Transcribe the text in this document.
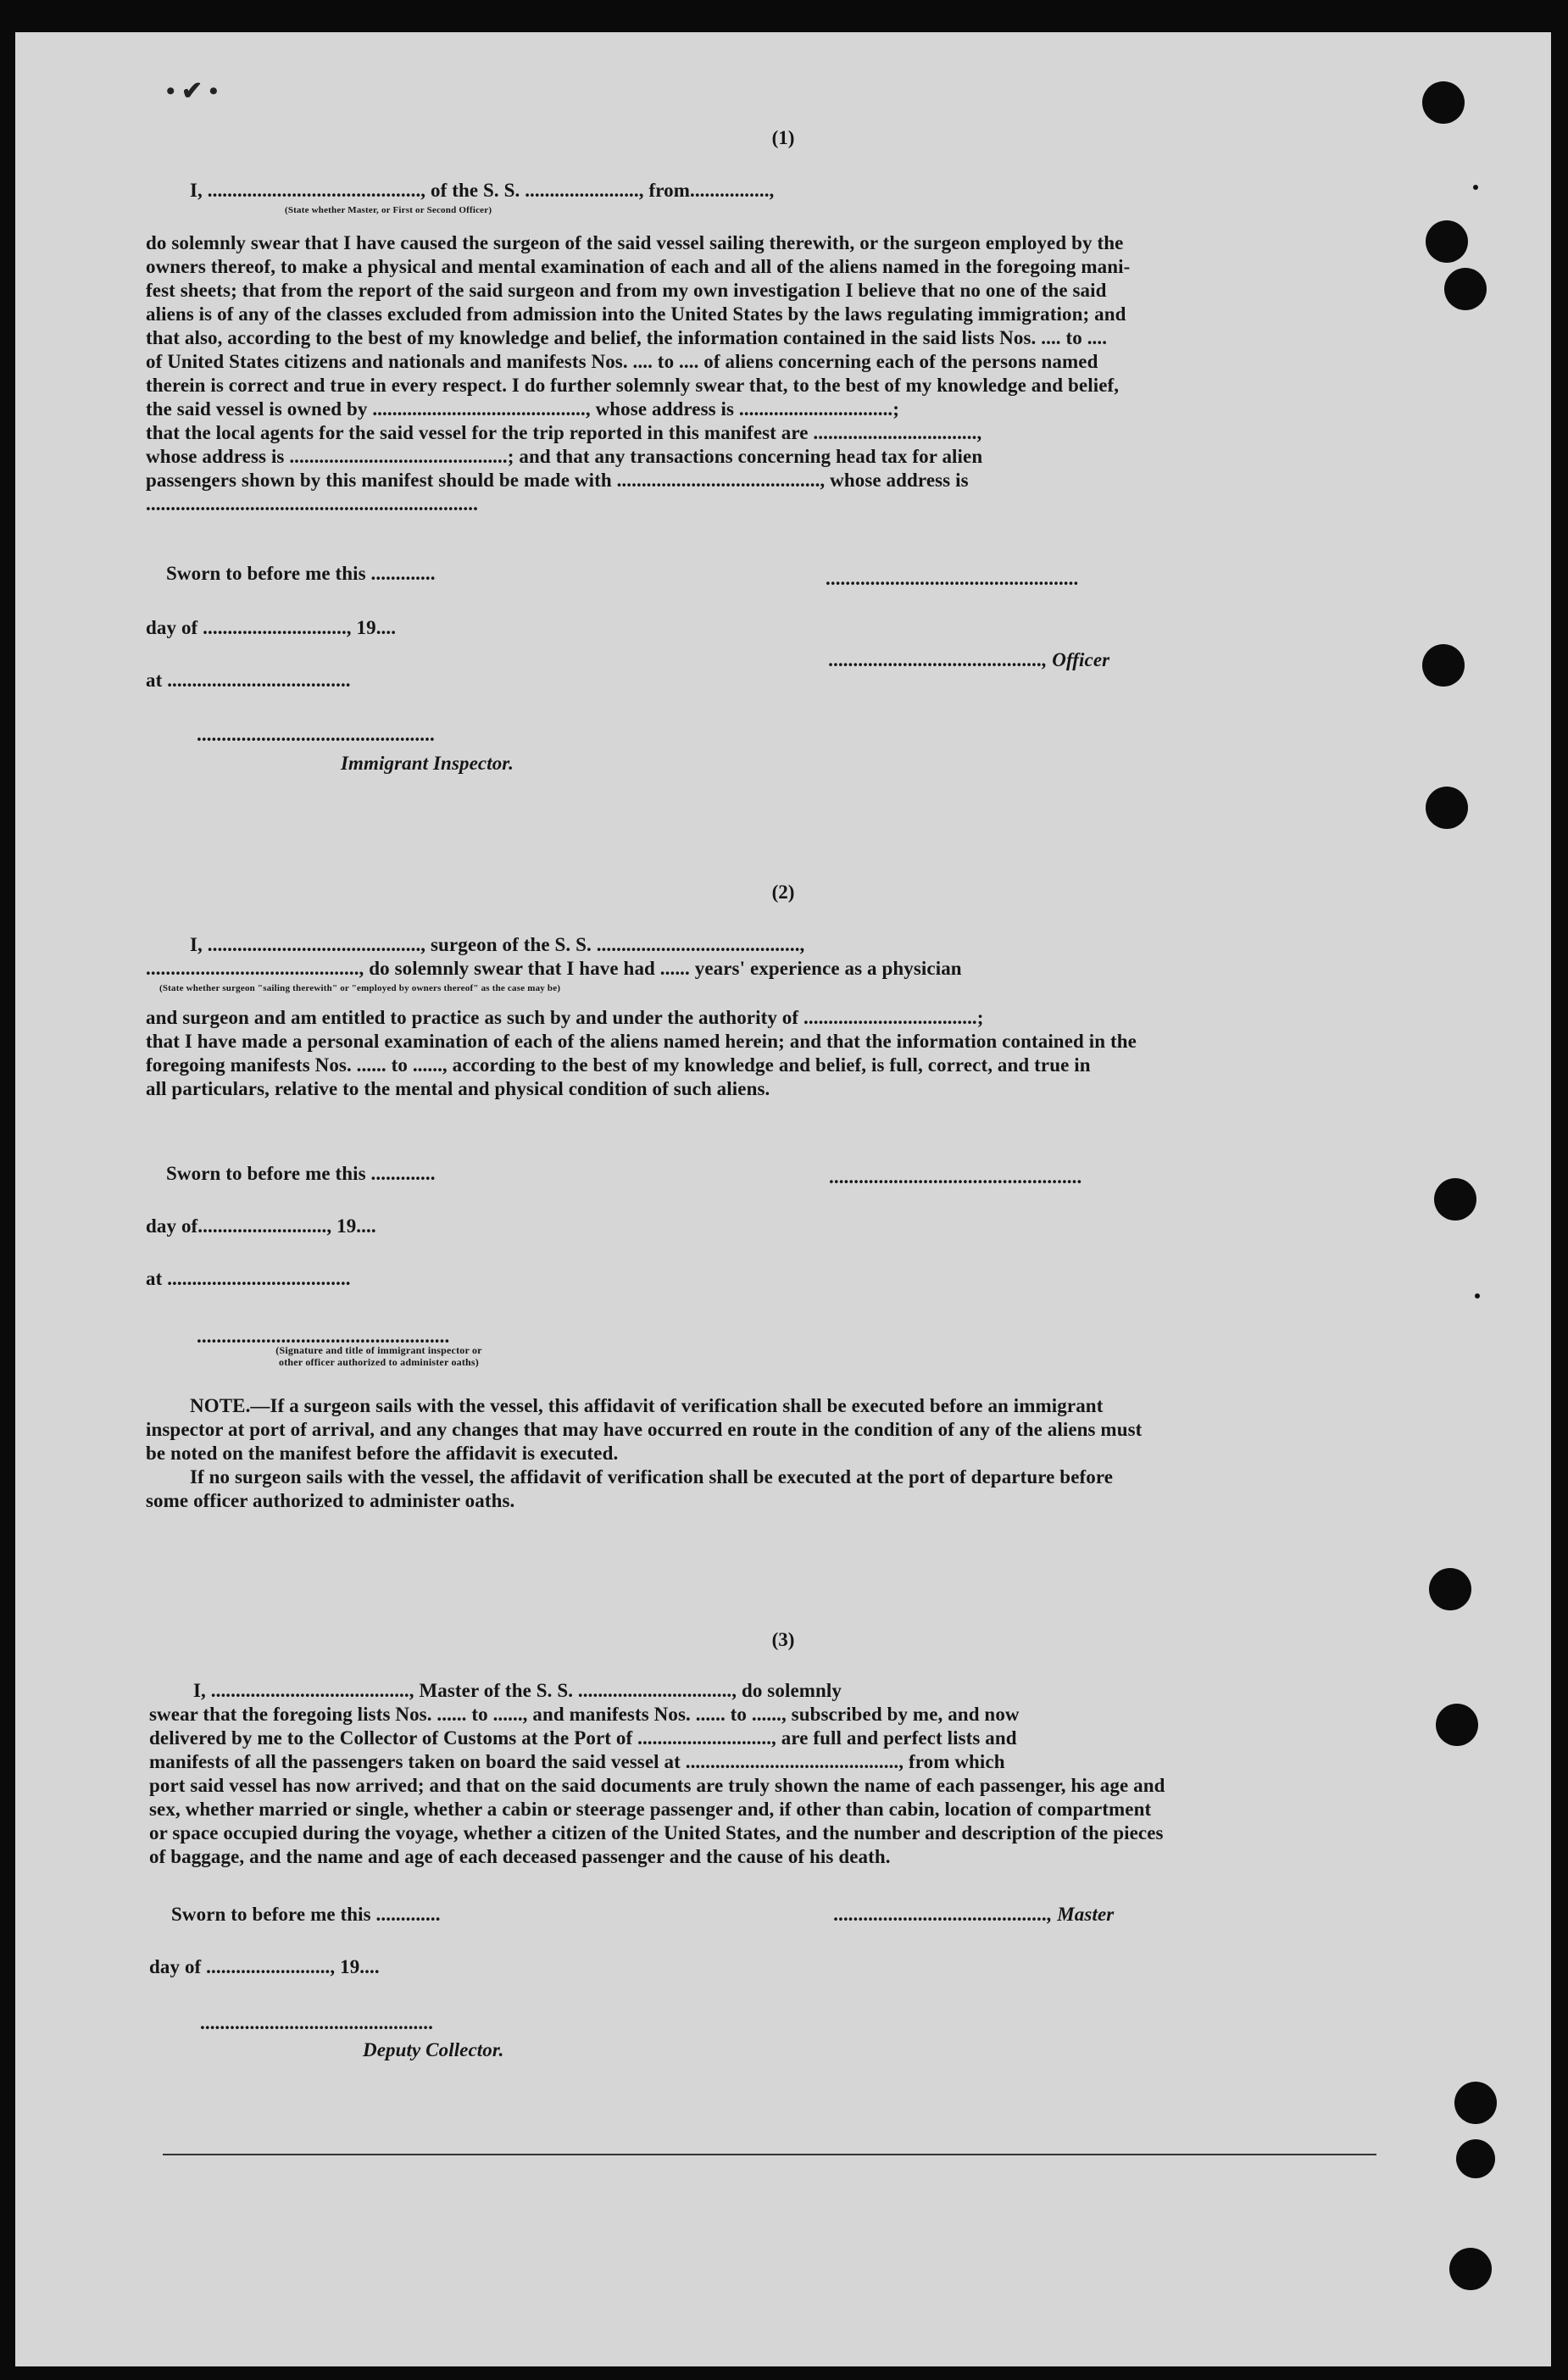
• ✔ •
(1)
I, ..........................................., of the S. S. ......................., from................,
(State whether Master, or First or Second Officer)
do solemnly swear that I have caused the surgeon of the said vessel sailing therewith, or the surgeon employed by the
owners thereof, to make a physical and mental examination of each and all of the aliens named in the foregoing mani-
fest sheets; that from the report of the said surgeon and from my own investigation I believe that no one of the said
aliens is of any of the classes excluded from admission into the United States by the laws regulating immigration; and
that also, according to the best of my knowledge and belief, the information contained in the said lists Nos. .... to ....
of United States citizens and nationals and manifests Nos. .... to .... of aliens concerning each of the persons named
therein is correct and true in every respect. I do further solemnly swear that, to the best of my knowledge and belief,
the said vessel is owned by ..........................................., whose address is ...............................;
that the local agents for the said vessel for the trip reported in this manifest are .................................,
whose address is ............................................; and that any transactions concerning head tax for alien
passengers shown by this manifest should be made with ........................................., whose address is
...................................................................
Sworn to before me this .............	...................................................
day of ............................., 19....
..........................................., Officer
at .....................................
................................................
Immigrant Inspector.
(2)
I, ..........................................., surgeon of the S. S. .........................................,
..........................................., do solemnly swear that I have had ...... years' experience as a physician
(State whether surgeon "sailing therewith" or "employed by owners thereof" as the case may be)
and surgeon and am entitled to practice as such by and under the authority of ...................................;
that I have made a personal examination of each of the aliens named herein; and that the information contained in the
foregoing manifests Nos. ...... to ......, according to the best of my knowledge and belief, is full, correct, and true in
all particulars, relative to the mental and physical condition of such aliens.
Sworn to before me this .............	...................................................
day of.........................., 19....
at .....................................
...................................................
(Signature and title of immigrant inspector or
other officer authorized to administer oaths)
NOTE.—If a surgeon sails with the vessel, this affidavit of verification shall be executed before an immigrant
inspector at port of arrival, and any changes that may have occurred en route in the condition of any of the aliens must
be noted on the manifest before the affidavit is executed.
If no surgeon sails with the vessel, the affidavit of verification shall be executed at the port of departure before
some officer authorized to administer oaths.
(3)
I, ........................................, Master of the S. S. ..............................., do solemnly
swear that the foregoing lists Nos. ...... to ......, and manifests Nos. ...... to ......, subscribed by me, and now
delivered by me to the Collector of Customs at the Port of ..........................., are full and perfect lists and
manifests of all the passengers taken on board the said vessel at ..........................................., from which
port said vessel has now arrived; and that on the said documents are truly shown the name of each passenger, his age and
sex, whether married or single, whether a cabin or steerage passenger and, if other than cabin, location of compartment
or space occupied during the voyage, whether a citizen of the United States, and the number and description of the pieces
of baggage, and the name and age of each deceased passenger and the cause of his death.
Sworn to before me this .............	..........................................., Master
day of ........................., 19....
...............................................
Deputy Collector.
